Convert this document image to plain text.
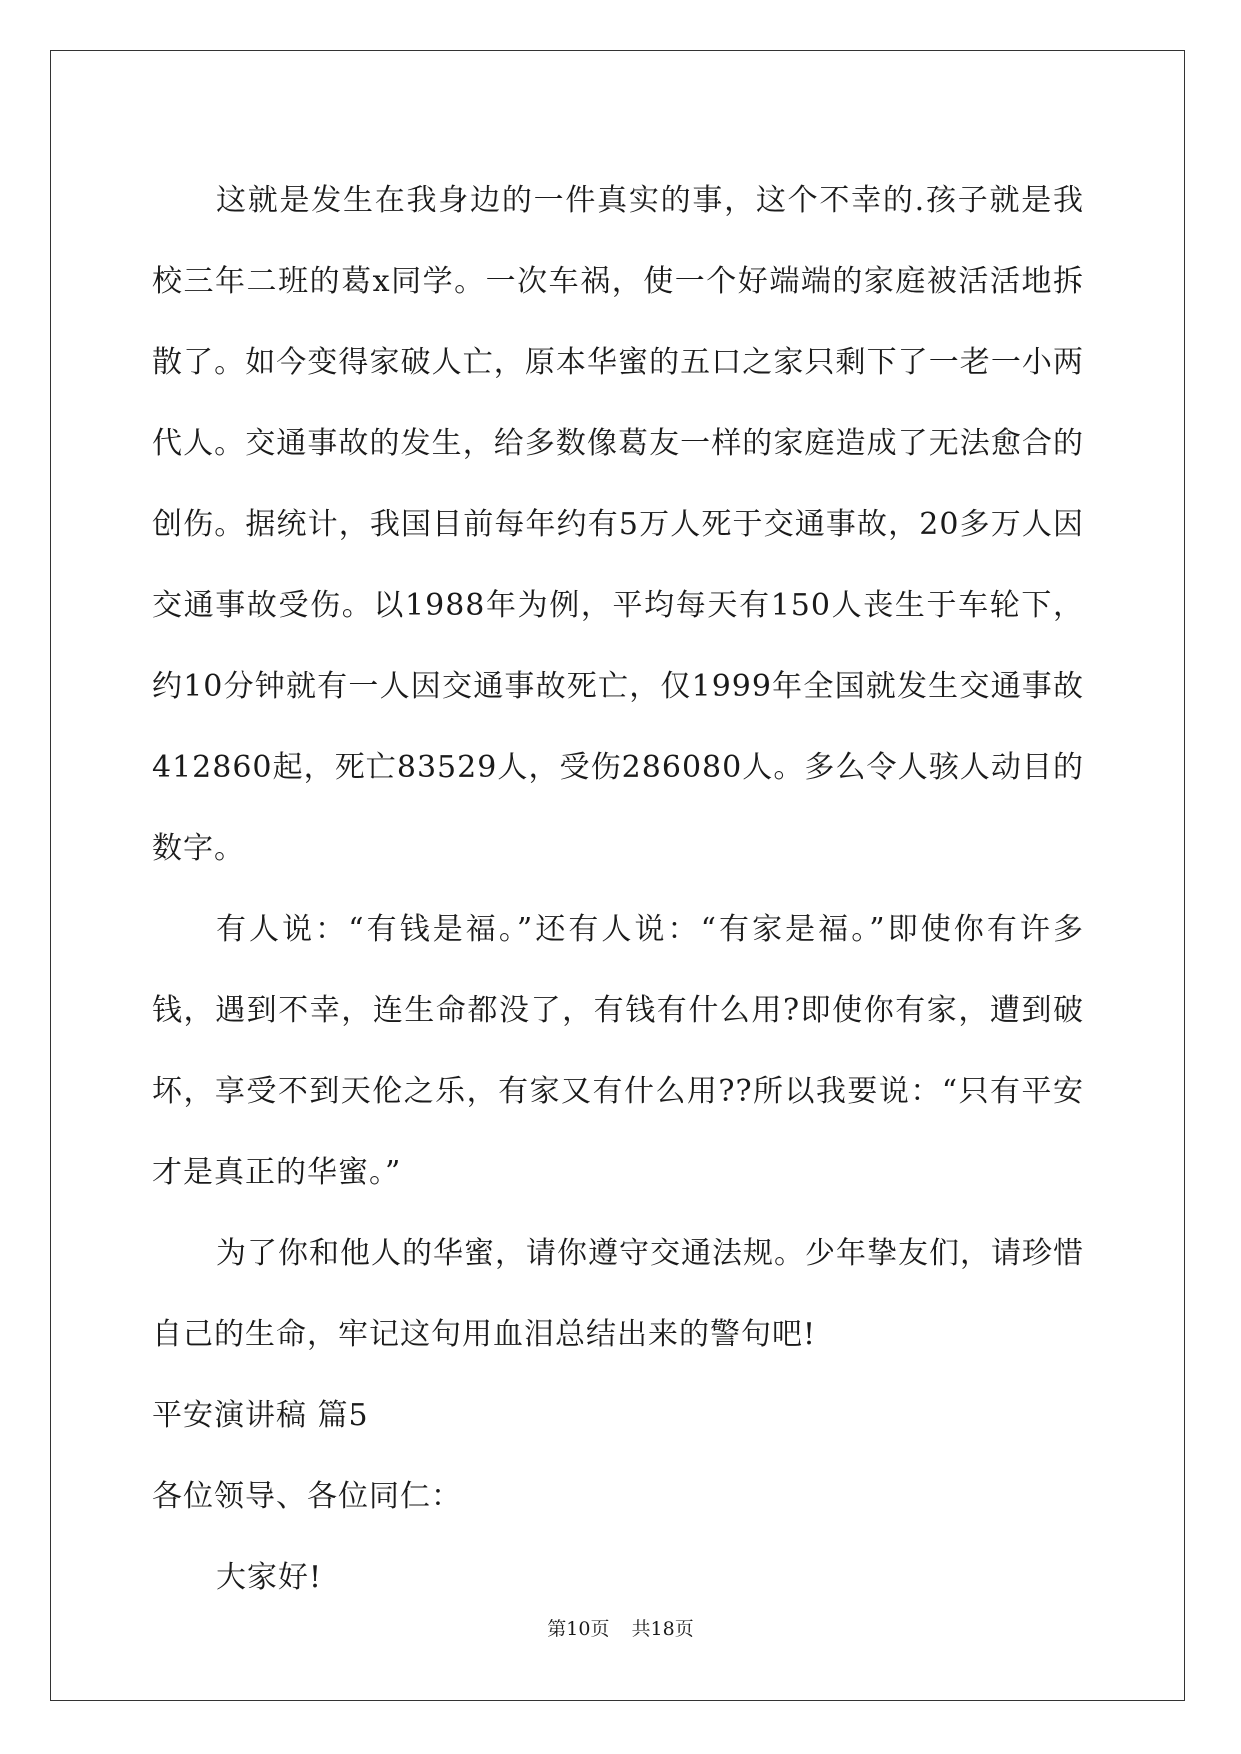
这就是发生在我身边的一件真实的事，这个不幸的.孩子就是我校三年二班的葛x同学。一次车祸，使一个好端端的家庭被活活地拆散了。如今变得家破人亡，原本华蜜的五口之家只剩下了一老一小两代人。交通事故的发生，给多数像葛友一样的家庭造成了无法愈合的创伤。据统计，我国目前每年约有5万人死于交通事故，20多万人因交通事故受伤。以1988年为例，平均每天有150人丧生于车轮下，约10分钟就有一人因交通事故死亡，仅1999年全国就发生交通事故412860起，死亡83529人，受伤286080人。多么令人骇人动目的数字。

有人说：“有钱是福。”还有人说：“有家是福。”即使你有许多钱，遇到不幸，连生命都没了，有钱有什么用?即使你有家，遭到破坏，享受不到天伦之乐，有家又有什么用??所以我要说：“只有平安才是真正的华蜜。”

为了你和他人的华蜜，请你遵守交通法规。少年挚友们，请珍惜自己的生命，牢记这句用血泪总结出来的警句吧!

平安演讲稿 篇5

各位领导、各位同仁：

大家好!

第10页 共18页
